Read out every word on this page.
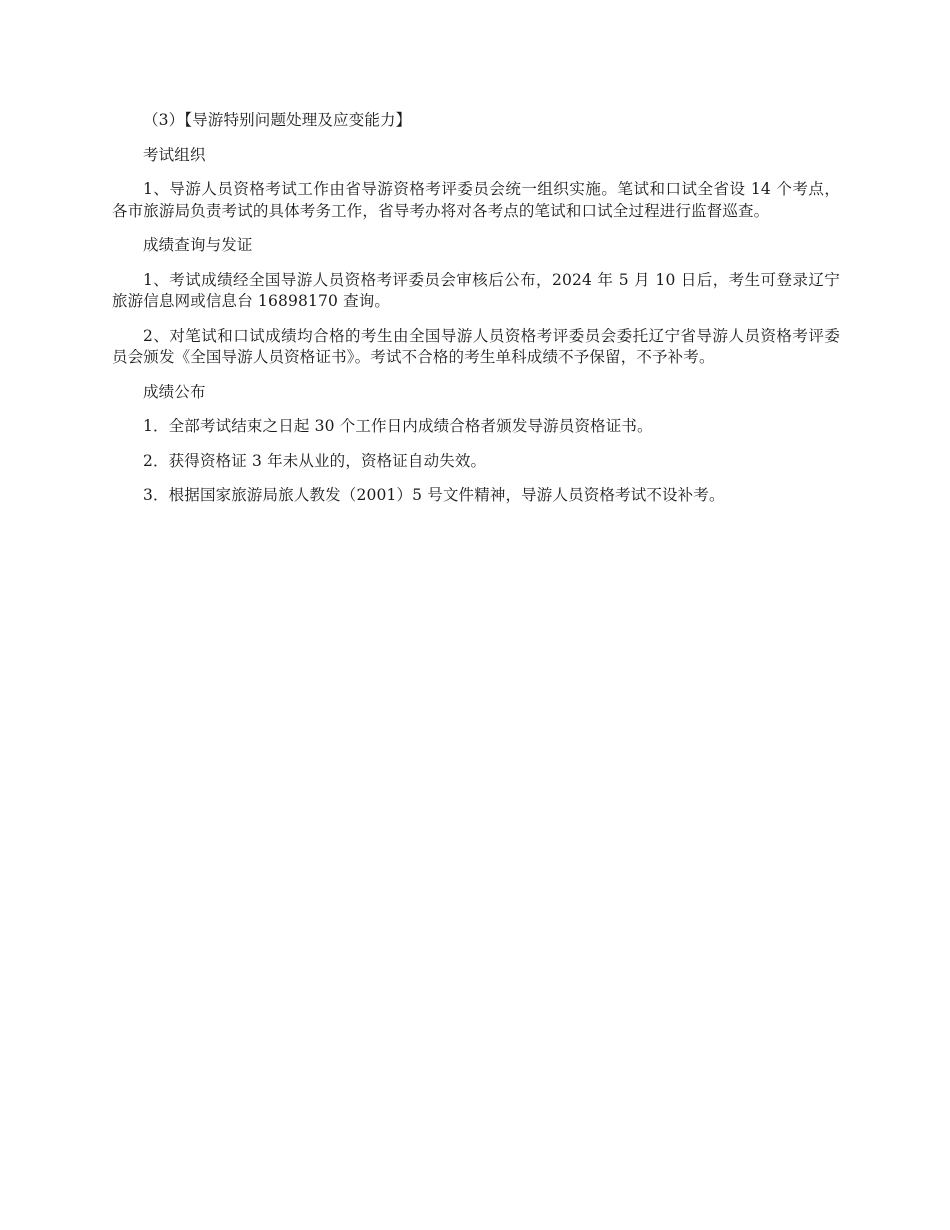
（3）【导游特别问题处理及应变能力】

考试组织

1、导游人员资格考试工作由省导游资格考评委员会统一组织实施。笔试和口试全省设 14 个考点，各市旅游局负责考试的具体考务工作，省导考办将对各考点的笔试和口试全过程进行监督巡查。

成绩查询与发证

1、考试成绩经全国导游人员资格考评委员会审核后公布，2024 年 5 月 10 日后，考生可登录辽宁旅游信息网或信息台 16898170 查询。

2、对笔试和口试成绩均合格的考生由全国导游人员资格考评委员会委托辽宁省导游人员资格考评委员会颁发《全国导游人员资格证书》。考试不合格的考生单科成绩不予保留，不予补考。

成绩公布

1．全部考试结束之日起 30 个工作日内成绩合格者颁发导游员资格证书。

2．获得资格证 3 年未从业的，资格证自动失效。

3．根据国家旅游局旅人教发（2001）5 号文件精神，导游人员资格考试不设补考。
